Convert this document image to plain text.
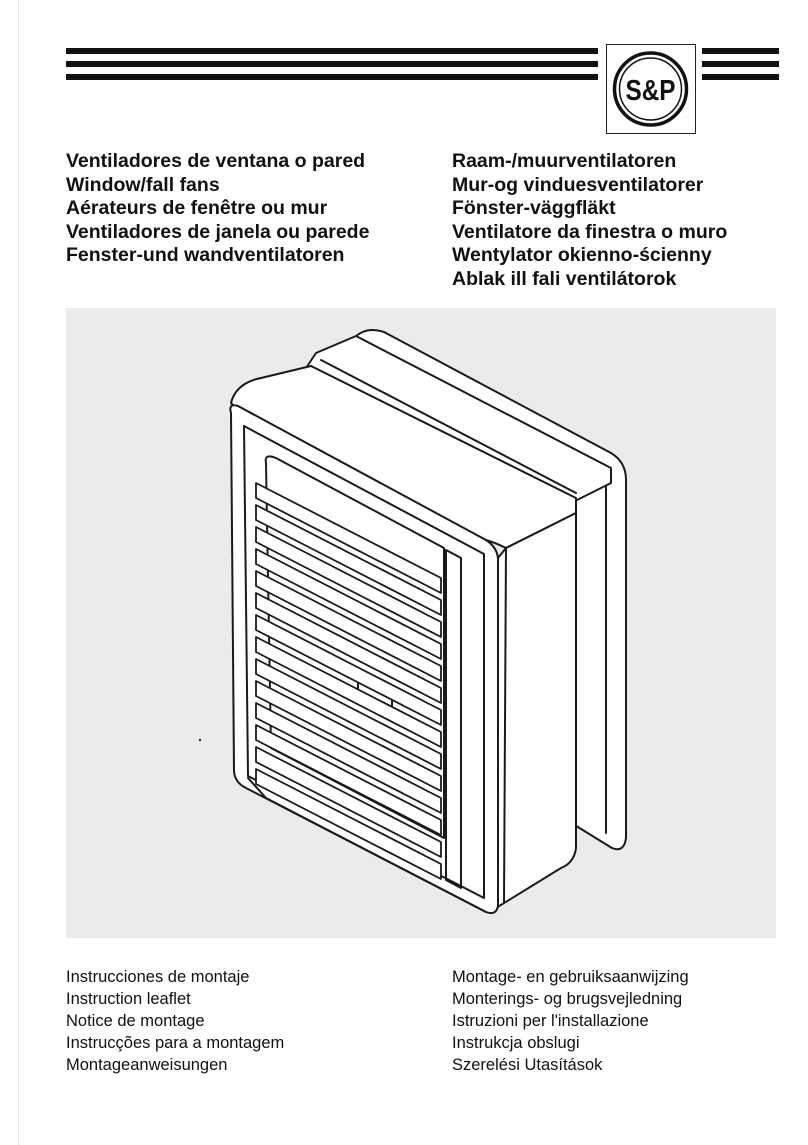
S&P
Ventiladores de ventana o pared
Window/fall fans
Aérateurs de fenêtre ou mur
Ventiladores de janela ou parede
Fenster-und wandventilatoren
Raam-/muurventilatoren
Mur-og vinduesventilatorer
Fönster-väggfläkt
Ventilatore da finestra o muro
Wentylator okienno-ścienny
Ablak ill fali ventilátorok
Instrucciones de montaje
Instruction leaflet
Notice de montage
Instrucções para a montagem
Montageanweisungen
Montage- en gebruiksaanwijzing
Monterings- og brugsvejledning
Istruzioni per l'installazione
Instrukcja obslugi
Szerelési Utasítások
